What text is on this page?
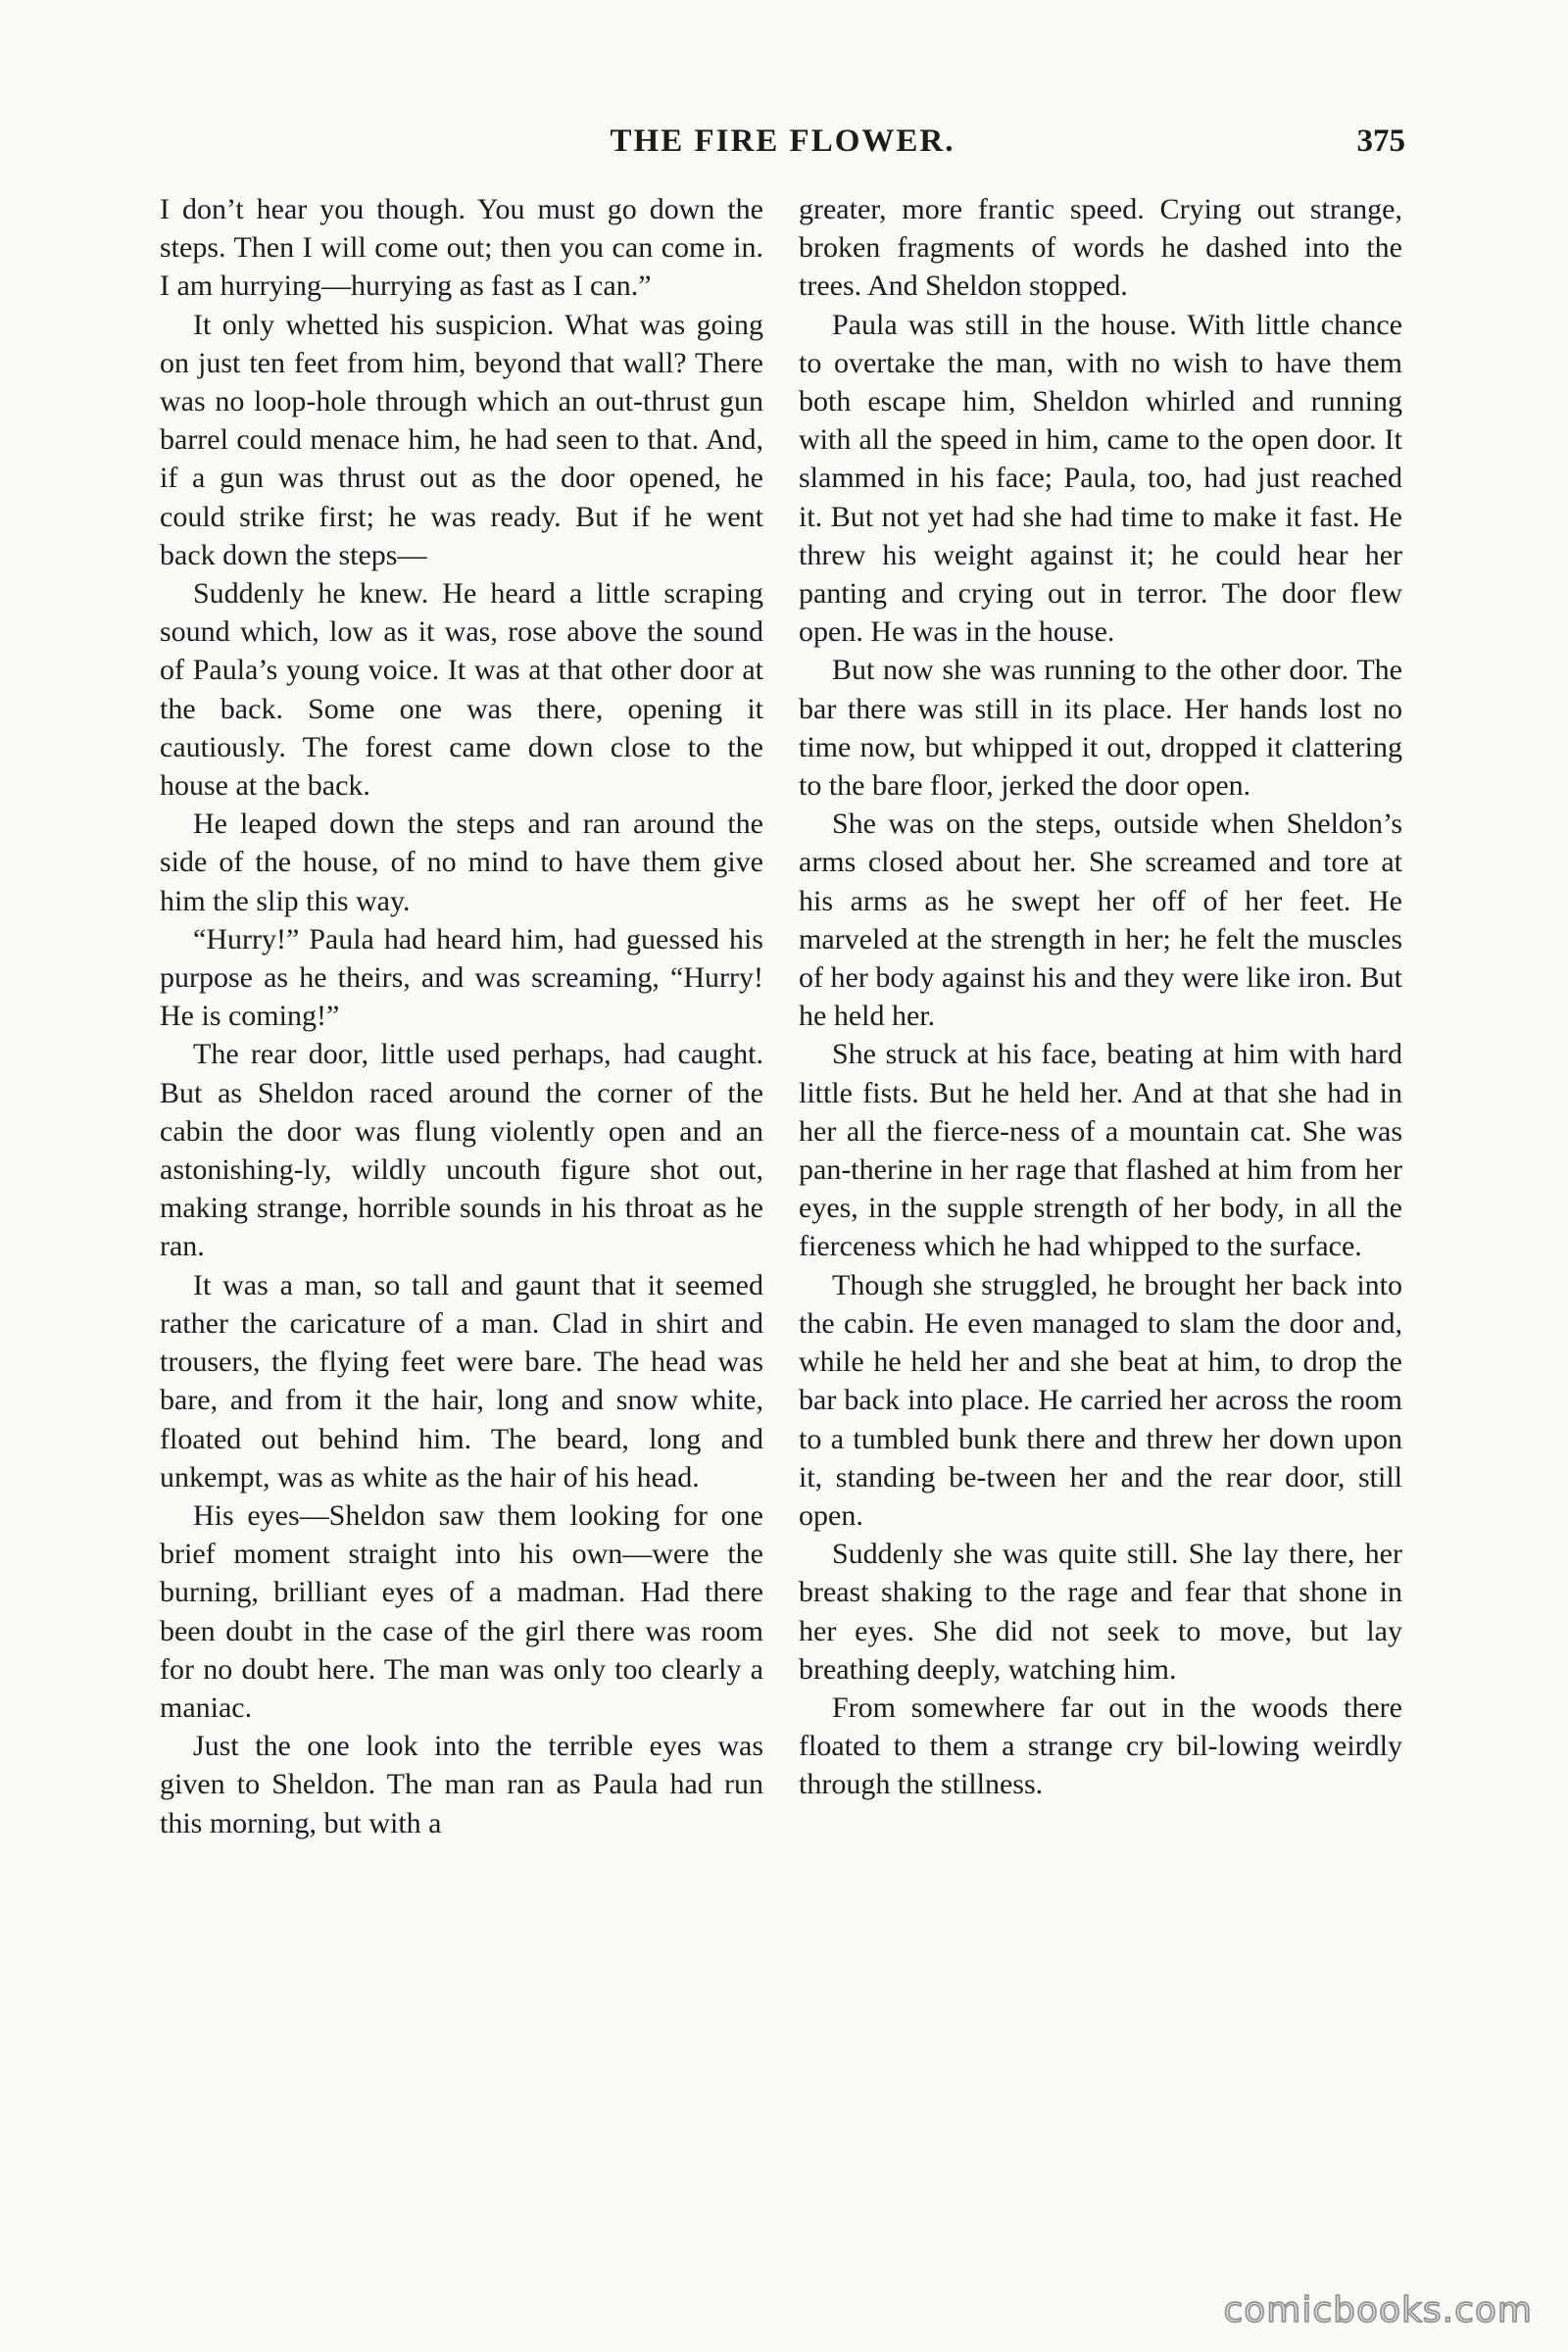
THE FIRE FLOWER.	375

I don’t hear you though. You must go down the steps. Then I will come out; then you can come in. I am hurrying—hurrying as fast as I can.”

It only whetted his suspicion. What was going on just ten feet from him, beyond that wall? There was no loop-hole through which an out-thrust gun barrel could menace him, he had seen to that. And, if a gun was thrust out as the door opened, he could strike first; he was ready. But if he went back down the steps—

Suddenly he knew. He heard a little scraping sound which, low as it was, rose above the sound of Paula’s young voice. It was at that other door at the back. Some one was there, opening it cautiously. The forest came down close to the house at the back.

He leaped down the steps and ran around the side of the house, of no mind to have them give him the slip this way.

“Hurry!” Paula had heard him, had guessed his purpose as he theirs, and was screaming, “Hurry! He is coming!”

The rear door, little used perhaps, had caught. But as Sheldon raced around the corner of the cabin the door was flung violently open and an astonishing-ly, wildly uncouth figure shot out, making strange, horrible sounds in his throat as he ran.

It was a man, so tall and gaunt that it seemed rather the caricature of a man. Clad in shirt and trousers, the flying feet were bare. The head was bare, and from it the hair, long and snow white, floated out behind him. The beard, long and unkempt, was as white as the hair of his head.

His eyes—Sheldon saw them looking for one brief moment straight into his own—were the burning, brilliant eyes of a madman. Had there been doubt in the case of the girl there was room for no doubt here. The man was only too clearly a maniac.

Just the one look into the terrible eyes was given to Sheldon. The man ran as Paula had run this morning, but with a

greater, more frantic speed. Crying out strange, broken fragments of words he dashed into the trees. And Sheldon stopped.

Paula was still in the house. With little chance to overtake the man, with no wish to have them both escape him, Sheldon whirled and running with all the speed in him, came to the open door. It slammed in his face; Paula, too, had just reached it. But not yet had she had time to make it fast. He threw his weight against it; he could hear her panting and crying out in terror. The door flew open. He was in the house.

But now she was running to the other door. The bar there was still in its place. Her hands lost no time now, but whipped it out, dropped it clattering to the bare floor, jerked the door open.

She was on the steps, outside when Sheldon’s arms closed about her. She screamed and tore at his arms as he swept her off of her feet. He marveled at the strength in her; he felt the muscles of her body against his and they were like iron. But he held her.

She struck at his face, beating at him with hard little fists. But he held her. And at that she had in her all the fierce-ness of a mountain cat. She was pan-therine in her rage that flashed at him from her eyes, in the supple strength of her body, in all the fierceness which he had whipped to the surface.

Though she struggled, he brought her back into the cabin. He even managed to slam the door and, while he held her and she beat at him, to drop the bar back into place. He carried her across the room to a tumbled bunk there and threw her down upon it, standing be-tween her and the rear door, still open.

Suddenly she was quite still. She lay there, her breast shaking to the rage and fear that shone in her eyes. She did not seek to move, but lay breathing deeply, watching him.

From somewhere far out in the woods there floated to them a strange cry bil-lowing weirdly through the stillness.

comicbooks.com
